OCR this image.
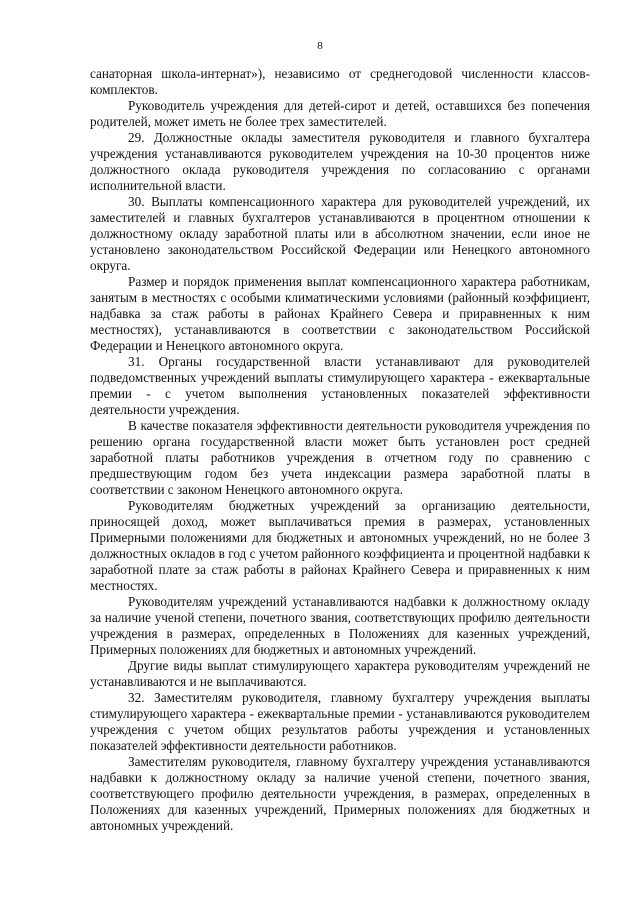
8

санаторная школа-интернат»), независимо от среднегодовой численности классов-комплектов.

Руководитель учреждения для детей-сирот и детей, оставшихся без попечения родителей, может иметь не более трех заместителей.

29. Должностные оклады заместителя руководителя и главного бухгалтера учреждения устанавливаются руководителем учреждения на 10-30 процентов ниже должностного оклада руководителя учреждения по согласованию с органами исполнительной власти.

30. Выплаты компенсационного характера для руководителей учреждений, их заместителей и главных бухгалтеров устанавливаются в процентном отношении к должностному окладу заработной платы или в абсолютном значении, если иное не установлено законодательством Российской Федерации или Ненецкого автономного округа.

Размер и порядок применения выплат компенсационного характера работникам, занятым в местностях с особыми климатическими условиями (районный коэффициент, надбавка за стаж работы в районах Крайнего Севера и приравненных к ним местностях), устанавливаются в соответствии с законодательством Российской Федерации и Ненецкого автономного округа.

31. Органы государственной власти устанавливают для руководителей подведомственных учреждений выплаты стимулирующего характера - ежеквартальные премии - с учетом выполнения установленных показателей эффективности деятельности учреждения.

В качестве показателя эффективности деятельности руководителя учреждения по решению органа государственной власти может быть установлен рост средней заработной платы работников учреждения в отчетном году по сравнению с предшествующим годом без учета индексации размера заработной платы в соответствии с законом Ненецкого автономного округа.

Руководителям бюджетных учреждений за организацию деятельности, приносящей доход, может выплачиваться премия в размерах, установленных Примерными положениями для бюджетных и автономных учреждений, но не более 3 должностных окладов в год с учетом районного коэффициента и процентной надбавки к заработной плате за стаж работы в районах Крайнего Севера и приравненных к ним местностях.

Руководителям учреждений устанавливаются надбавки к должностному окладу за наличие ученой степени, почетного звания, соответствующих профилю деятельности учреждения в размерах, определенных в Положениях для казенных учреждений, Примерных положениях для бюджетных и автономных учреждений.

Другие виды выплат стимулирующего характера руководителям учреждений не устанавливаются и не выплачиваются.

32. Заместителям руководителя, главному бухгалтеру учреждения выплаты стимулирующего характера - ежеквартальные премии - устанавливаются руководителем учреждения с учетом общих результатов работы учреждения и установленных показателей эффективности деятельности работников.

Заместителям руководителя, главному бухгалтеру учреждения устанавливаются надбавки к должностному окладу за наличие ученой степени, почетного звания, соответствующего профилю деятельности учреждения, в размерах, определенных в Положениях для казенных учреждений, Примерных положениях для бюджетных и автономных учреждений.
